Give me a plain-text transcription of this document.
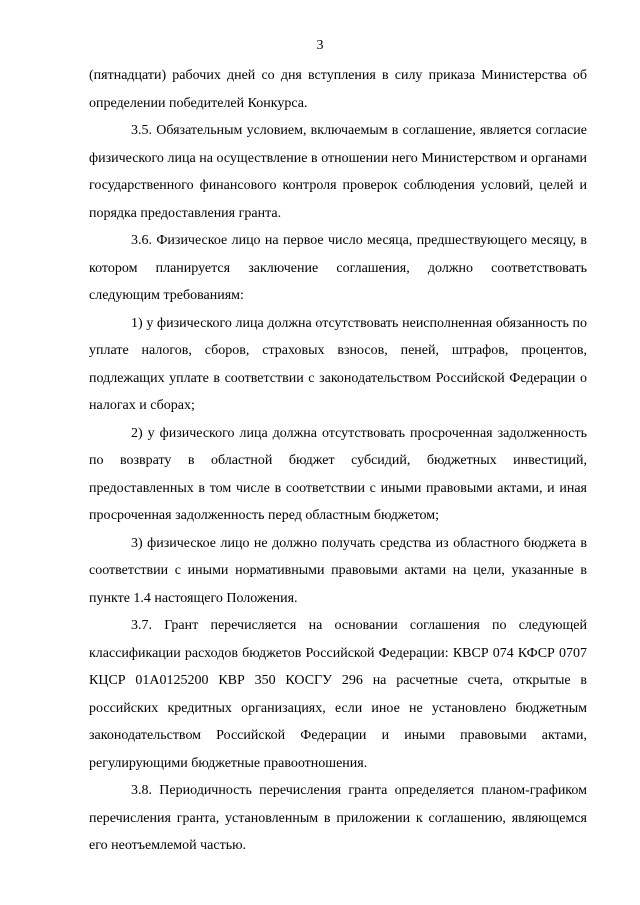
3

(пятнадцати) рабочих дней со дня вступления в силу приказа Министерства об определении победителей Конкурса.

3.5. Обязательным условием, включаемым в соглашение, является согласие физического лица на осуществление в отношении него Министерством и органами государственного финансового контроля проверок соблюдения условий, целей и порядка предоставления гранта.

3.6. Физическое лицо на первое число месяца, предшествующего месяцу, в котором планируется заключение соглашения, должно соответствовать следующим требованиям:

1) у физического лица должна отсутствовать неисполненная обязанность по уплате налогов, сборов, страховых взносов, пеней, штрафов, процентов, подлежащих уплате в соответствии с законодательством Российской Федерации о налогах и сборах;

2) у физического лица должна отсутствовать просроченная задолженность по возврату в областной бюджет субсидий, бюджетных инвестиций, предоставленных в том числе в соответствии с иными правовыми актами, и иная просроченная задолженность перед областным бюджетом;

3) физическое лицо не должно получать средства из областного бюджета в соответствии с иными нормативными правовыми актами на цели, указанные в пункте 1.4 настоящего Положения.

3.7. Грант перечисляется на основании соглашения по следующей классификации расходов бюджетов Российской Федерации: КВСР 074 КФСР 0707 КЦСР 01А0125200 КВР 350 КОСГУ 296 на расчетные счета, открытые в российских кредитных организациях, если иное не установлено бюджетным законодательством Российской Федерации и иными правовыми актами, регулирующими бюджетные правоотношения.

3.8. Периодичность перечисления гранта определяется планом-графиком перечисления гранта, установленным в приложении к соглашению, являющемся его неотъемлемой частью.
